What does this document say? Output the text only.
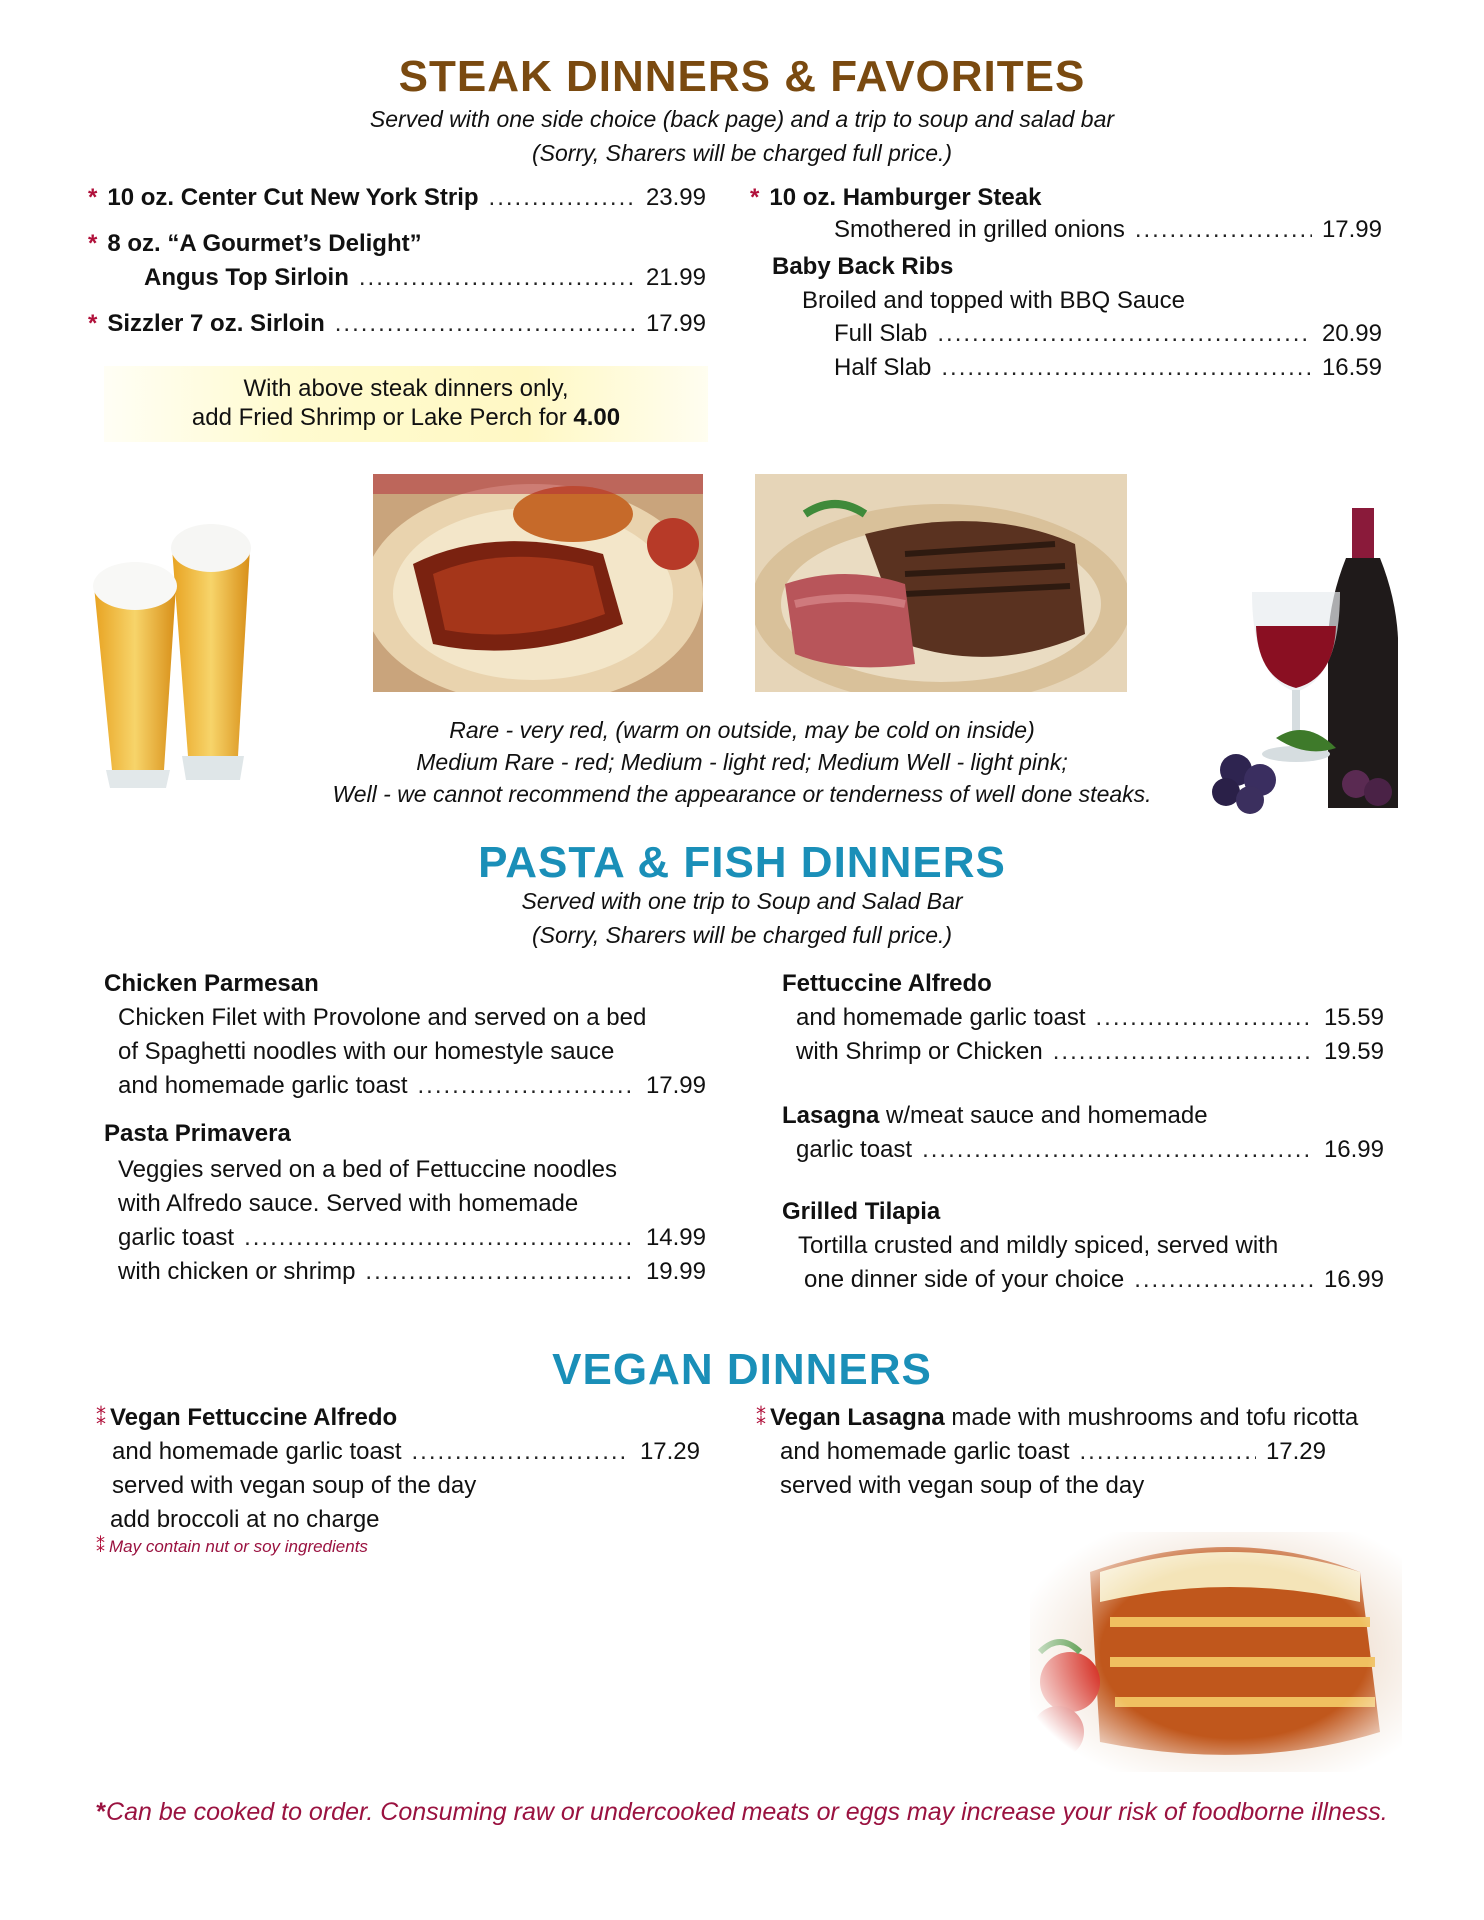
STEAK DINNERS & FAVORITES
Served with one side choice (back page) and a trip to soup and salad bar
(Sorry, Sharers will be charged full price.)
* 10 oz. Center Cut New York Strip .....	23.99
* 8 oz. “A Gourmet’s Delight”
Angus Top Sirloin .....	21.99
* Sizzler 7 oz. Sirloin .....	17.99
With above steak dinners only,
add Fried Shrimp or Lake Perch for 4.00
* 10 oz. Hamburger Steak
Smothered in grilled onions .....	17.99
Baby Back Ribs
Broiled and topped with BBQ Sauce
Full Slab .....	20.99
Half Slab .....	16.59
Rare - very red, (warm on outside, may be cold on inside)
Medium Rare - red; Medium - light red; Medium Well - light pink;
Well - we cannot recommend the appearance or tenderness of well done steaks.
PASTA & FISH DINNERS
Served with one trip to Soup and Salad Bar
(Sorry, Sharers will be charged full price.)
Chicken Parmesan
Chicken Filet with Provolone and served on a bed
of Spaghetti noodles with our homestyle sauce
and homemade garlic toast .....	17.99
Pasta Primavera
Veggies served on a bed of Fettuccine noodles
with Alfredo sauce. Served with homemade
garlic toast .....	14.99
with chicken or shrimp .....	19.99
Fettuccine Alfredo
and homemade garlic toast .....	15.59
with Shrimp or Chicken .....	19.59
Lasagna w/meat sauce and homemade
garlic toast .....	16.99
Grilled Tilapia
Tortilla crusted and mildly spiced, served with
one dinner side of your choice .....	16.99
VEGAN DINNERS
⁑ Vegan Fettuccine Alfredo
and homemade garlic toast .....	17.29
served with vegan soup of the day
add broccoli at no charge
⁑ May contain nut or soy ingredients
⁑ Vegan Lasagna made with mushrooms and tofu ricotta
and homemade garlic toast .....	17.29
served with vegan soup of the day
*Can be cooked to order. Consuming raw or undercooked meats or eggs may increase your risk of foodborne illness.
